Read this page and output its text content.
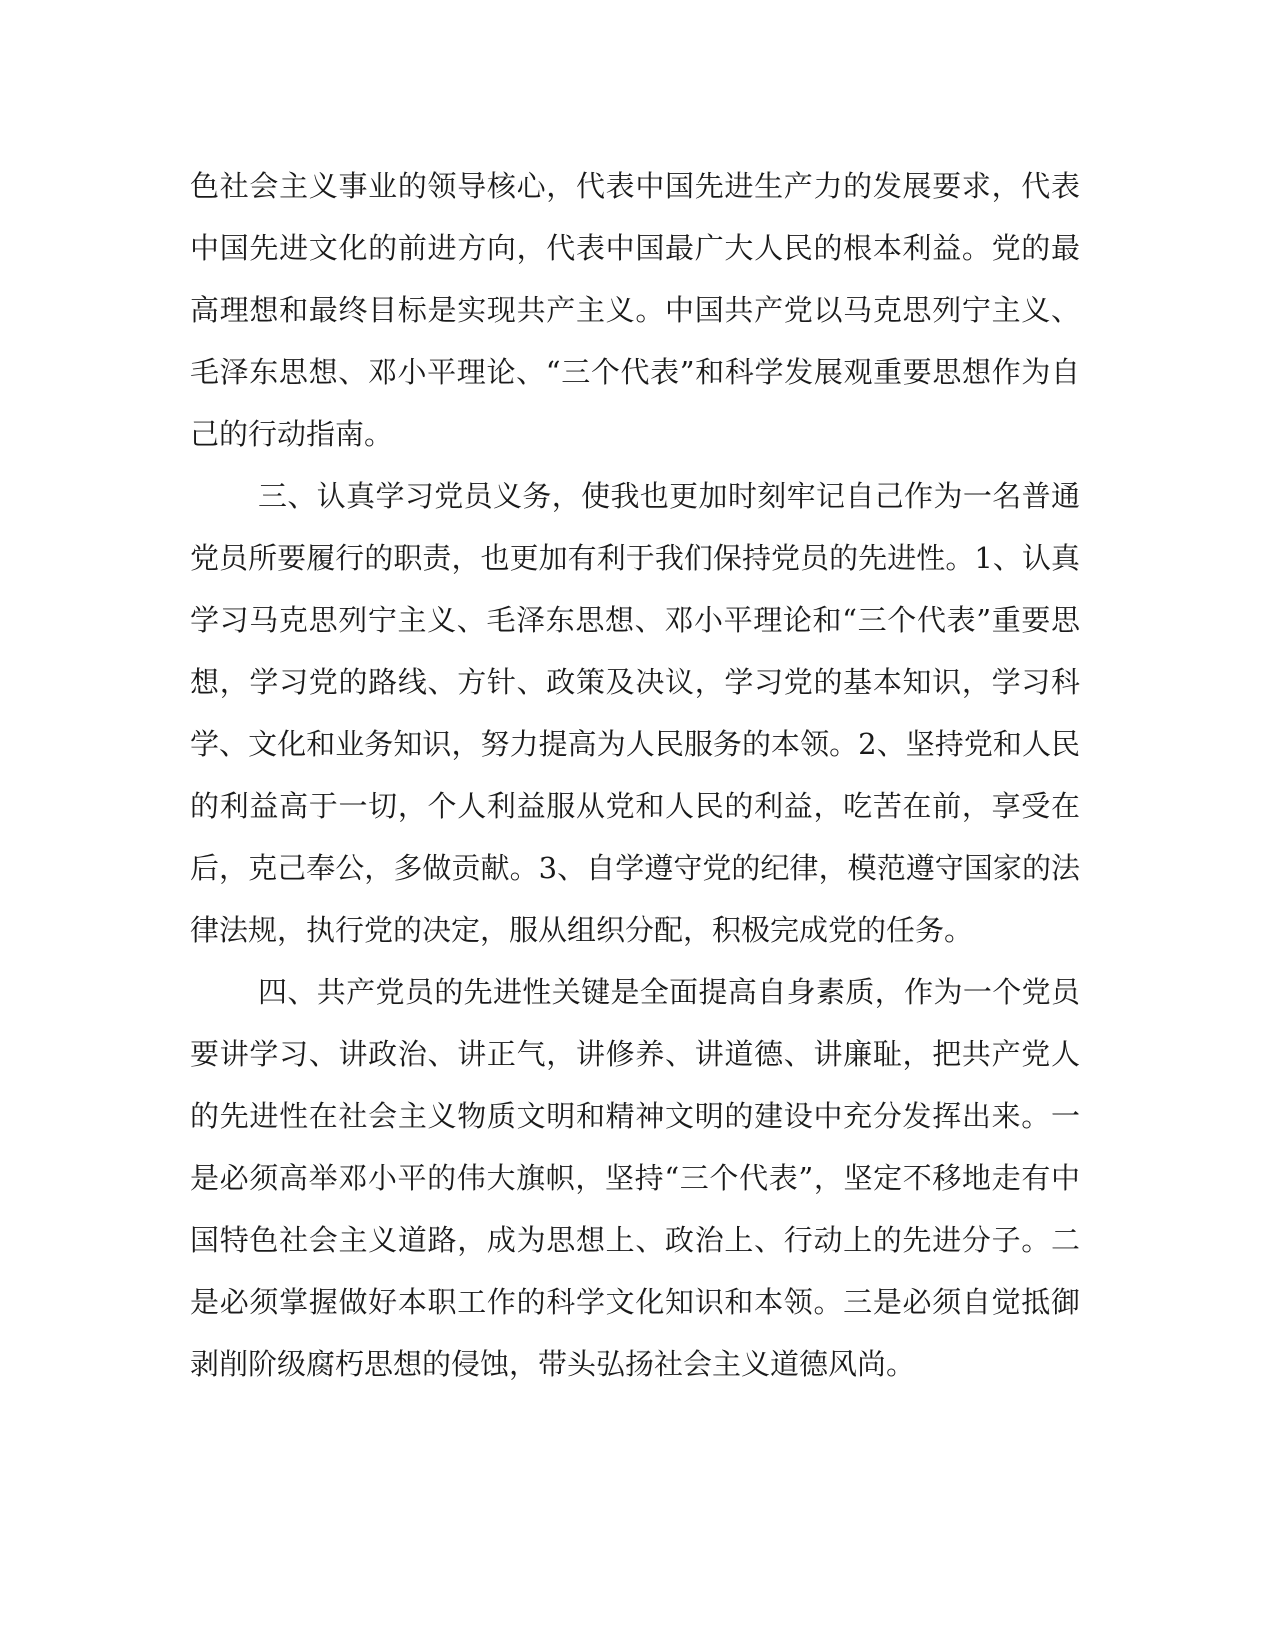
色社会主义事业的领导核心，代表中国先进生产力的发展要求，代表
中国先进文化的前进方向，代表中国最广大人民的根本利益。党的最
高理想和最终目标是实现共产主义。中国共产党以马克思列宁主义、
毛泽东思想、邓小平理论、“三个代表”和科学发展观重要思想作为自
己的行动指南。
三、认真学习党员义务，使我也更加时刻牢记自己作为一名普通
党员所要履行的职责，也更加有利于我们保持党员的先进性。1、认真
学习马克思列宁主义、毛泽东思想、邓小平理论和“三个代表”重要思
想，学习党的路线、方针、政策及决议，学习党的基本知识，学习科
学、文化和业务知识，努力提高为人民服务的本领。2、坚持党和人民
的利益高于一切，个人利益服从党和人民的利益，吃苦在前，享受在
后，克己奉公，多做贡献。3、自学遵守党的纪律，模范遵守国家的法
律法规，执行党的决定，服从组织分配，积极完成党的任务。
四、共产党员的先进性关键是全面提高自身素质，作为一个党员
要讲学习、讲政治、讲正气，讲修养、讲道德、讲廉耻，把共产党人
的先进性在社会主义物质文明和精神文明的建设中充分发挥出来。一
是必须高举邓小平的伟大旗帜，坚持“三个代表”，坚定不移地走有中
国特色社会主义道路，成为思想上、政治上、行动上的先进分子。二
是必须掌握做好本职工作的科学文化知识和本领。三是必须自觉抵御
剥削阶级腐朽思想的侵蚀，带头弘扬社会主义道德风尚。
